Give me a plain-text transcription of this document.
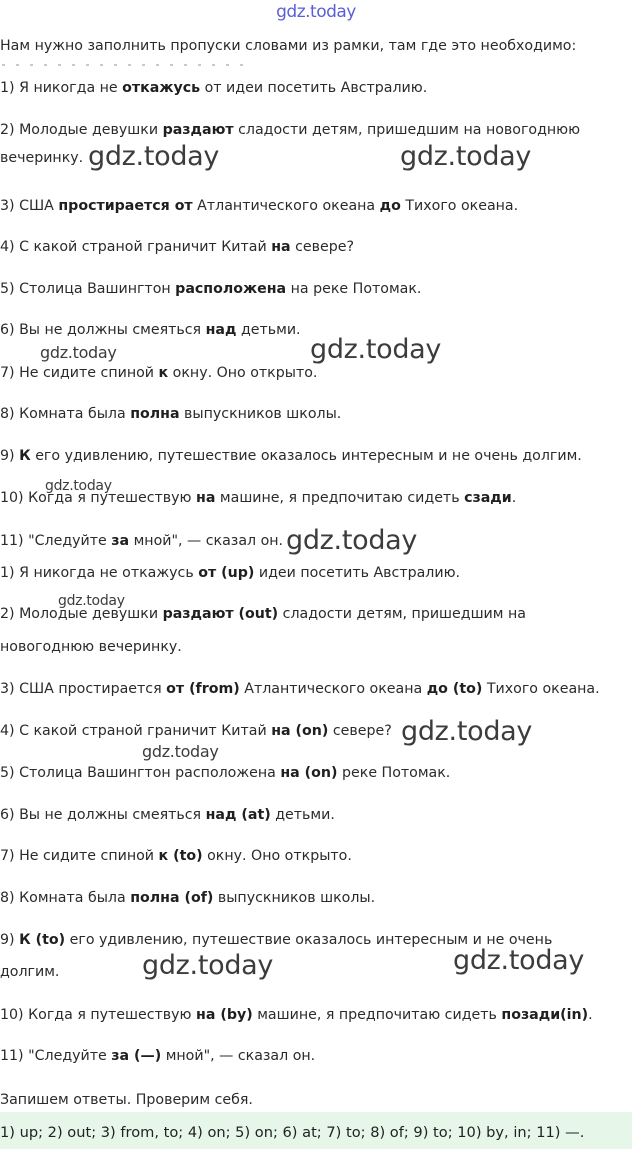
gdz.today
Нам нужно заполнить пропуски словами из рамки, там где это необходимо:
1) Я никогда не откажусь от идеи посетить Австралию.
2) Молодые девушки раздают сладости детям, пришедшим на новогоднюю
вечеринку.
3) США простирается от Атлантического океана до Тихого океана.
4) С какой страной граничит Китай на севере?
5) Столица Вашингтон расположена на реке Потомак.
6) Вы не должны смеяться над детьми.
7) Не сидите спиной к окну. Оно открыто.
8) Комната была полна выпускников школы.
9) К его удивлению, путешествие оказалось интересным и не очень долгим.
10) Когда я путешествую на машине, я предпочитаю сидеть сзади.
11) "Следуйте за мной", — сказал он.
1) Я никогда не откажусь от (up) идеи посетить Австралию.
2) Молодые девушки раздают (out) сладости детям, пришедшим на
новогоднюю вечеринку.
3) США простирается от (from) Атлантического океана до (to) Тихого океана.
4) С какой страной граничит Китай на (on) севере?
5) Столица Вашингтон расположена на (on) реке Потомак.
6) Вы не должны смеяться над (at) детьми.
7) Не сидите спиной к (to) окну. Оно открыто.
8) Комната была полна (of) выпускников школы.
9) К (to) его удивлению, путешествие оказалось интересным и не очень
долгим.
10) Когда я путешествую на (by) машине, я предпочитаю сидеть позади(in).
11) "Следуйте за (—) мной", — сказал он.
Запишем ответы. Проверим себя.
1) up; 2) out; 3) from, to; 4) on; 5) on; 6) at; 7) to; 8) of; 9) to; 10) by, in; 11) —.
gdz.today	gdz.today
gdz.today	gdz.today
gdz.today
gdz.today
gdz.today
gdz.today
gdz.today
gdz.today	gdz.today
